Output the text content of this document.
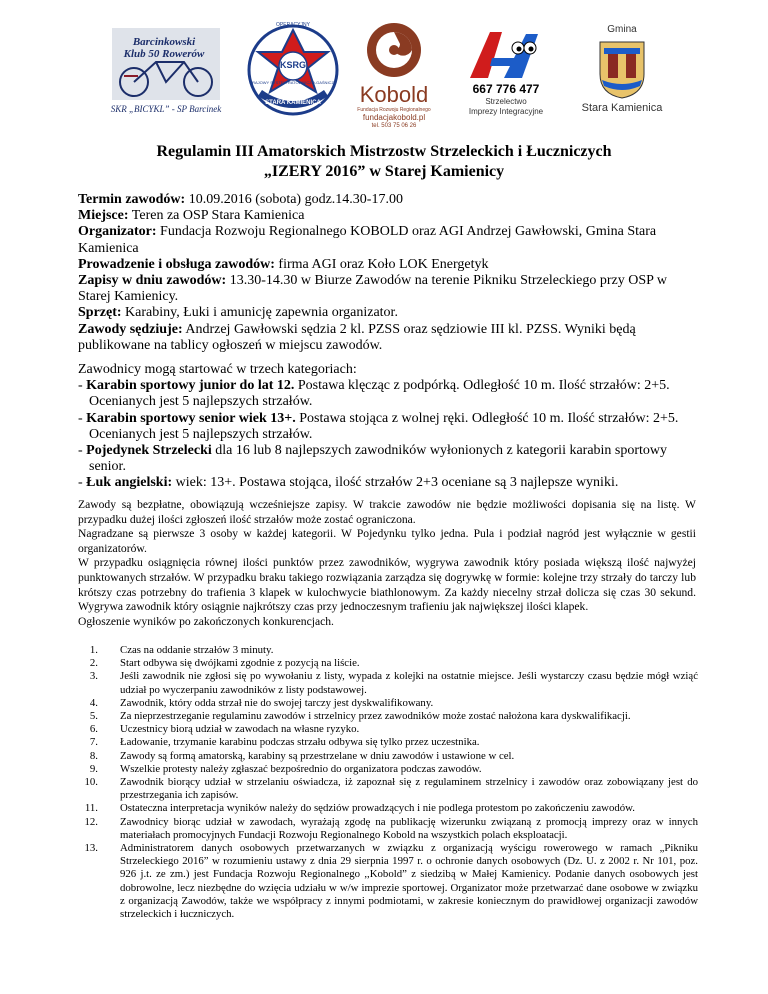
Barcinkowski
Klub 50 Rowerów
SKR „BICYKL” - SP Barcinek
KSRG
OPERACYJNY
KRAJOWY SYSTEM RATOWNICZO-GAŚNICZY
STARA KAMIENICA	Kobold
Fundacja Rozwoju Regionalnego
fundacjakobold.pl
tel. 503 75 06 26
667 776 477
Strzelectwo
Imprezy Integracyjne
Gmina
Stara Kamienica
Regulamin III Amatorskich Mistrzostw Strzeleckich i Łuczniczych
„IZERY 2016” w Starej Kamienicy

Termin zawodów: 10.09.2016 (sobota) godz.14.30-17.00

Miejsce: Teren za OSP Stara Kamienica

Organizator: Fundacja Rozwoju Regionalnego KOBOLD oraz AGI Andrzej Gawłowski, Gmina Stara Kamienica

Prowadzenie i obsługa zawodów: firma AGI oraz Koło LOK Energetyk

Zapisy w dniu zawodów: 13.30-14.30 w Biurze Zawodów na terenie Pikniku Strzeleckiego przy OSP w Starej Kamienicy.

Sprzęt: Karabiny, Łuki i amunicję zapewnia organizator.

Zawody sędziuje: Andrzej Gawłowski sędzia 2 kl. PZSS oraz sędziowie III kl. PZSS. Wyniki będą publikowane na tablicy ogłoszeń w miejscu zawodów.

Zawodnicy mogą startować w trzech kategoriach:

- Karabin sportowy junior do lat 12. Postawa klęcząc z podpórką. Odległość 10 m. Ilość strzałów: 2+5. Ocenianych jest 5 najlepszych strzałów.

- Karabin sportowy senior wiek 13+. Postawa stojąca z wolnej ręki. Odległość 10 m. Ilość strzałów: 2+5. Ocenianych jest 5 najlepszych strzałów.

- Pojedynek Strzelecki dla 16 lub 8 najlepszych zawodników wyłonionych z kategorii karabin sportowy senior.

- Łuk angielski: wiek: 13+. Postawa stojąca, ilość strzałów 2+3 oceniane są 3 najlepsze wyniki.

Zawody są bezpłatne, obowiązują wcześniejsze zapisy. W trakcie zawodów nie będzie możliwości dopisania się na listę. W przypadku dużej ilości zgłoszeń ilość strzałów może zostać ograniczona.

Nagradzane są pierwsze 3 osoby w każdej kategorii. W Pojedynku tylko jedna. Pula i podział nagród jest wyłącznie w gestii organizatorów.

W przypadku osiągnięcia równej ilości punktów przez zawodników, wygrywa zawodnik który posiada większą ilość najwyżej punktowanych strzałów. W przypadku braku takiego rozwiązania zarządza się dogrywkę w formie: kolejne trzy strzały do tarczy lub krótszy czas potrzebny do trafienia 3 klapek w kulochwycie biathlonowym. Za każdy niecelny strzał dolicza się czas 30 sekund. Wygrywa zawodnik który osiągnie najkrótszy czas przy jednoczesnym trafieniu jak największej ilości klapek.

Ogłoszenie wyników po zakończonych konkurencjach.

1. Czas na oddanie strzałów 3 minuty.
2. Start odbywa się dwójkami zgodnie z pozycją na liście.
3. Jeśli zawodnik nie zgłosi się po wywołaniu z listy, wypada z kolejki na ostatnie miejsce. Jeśli wystarczy czasu będzie mógł wziąć udział po wyczerpaniu zawodników z listy podstawowej.
4. Zawodnik, który odda strzał nie do swojej tarczy jest dyskwalifikowany.
5. Za nieprzestrzeganie regulaminu zawodów i strzelnicy przez zawodników może zostać nałożona kara dyskwalifikacji.
6. Uczestnicy biorą udział w zawodach na własne ryzyko.
7. Ładowanie, trzymanie karabinu podczas strzału odbywa się tylko przez uczestnika.
8. Zawody są formą amatorską, karabiny są przestrzelane w dniu zawodów i ustawione w cel.
9. Wszelkie protesty należy zgłaszać bezpośrednio do organizatora podczas zawodów.
10. Zawodnik biorący udział w strzelaniu oświadcza, iż zapoznał się z regulaminem strzelnicy i zawodów oraz zobowiązany jest do przestrzegania ich zapisów.
11. Ostateczna interpretacja wyników należy do sędziów prowadzących i nie podlega protestom po zakończeniu zawodów.
12. Zawodnicy biorąc udział w zawodach, wyrażają zgodę na publikację wizerunku związaną z promocją imprezy oraz w innych materiałach promocyjnych Fundacji Rozwoju Regionalnego Kobold na wszystkich polach eksploatacji.
13. Administratorem danych osobowych przetwarzanych w związku z organizacją wyścigu rowerowego w ramach „Pikniku Strzeleckiego 2016” w rozumieniu ustawy z dnia 29 sierpnia 1997 r. o ochronie danych osobowych (Dz. U. z 2002 r. Nr 101, poz. 926 j.t. ze zm.) jest Fundacja Rozwoju Regionalnego ,,Kobold” z siedzibą w Małej Kamienicy. Podanie danych osobowych jest dobrowolne, lecz niezbędne do wzięcia udziału w w/w imprezie sportowej. Organizator może przetwarzać dane osobowe w związku z organizacją Zawodów, także we współpracy z innymi podmiotami, w zakresie koniecznym do prawidłowej organizacji zawodów strzeleckich i łuczniczych.
